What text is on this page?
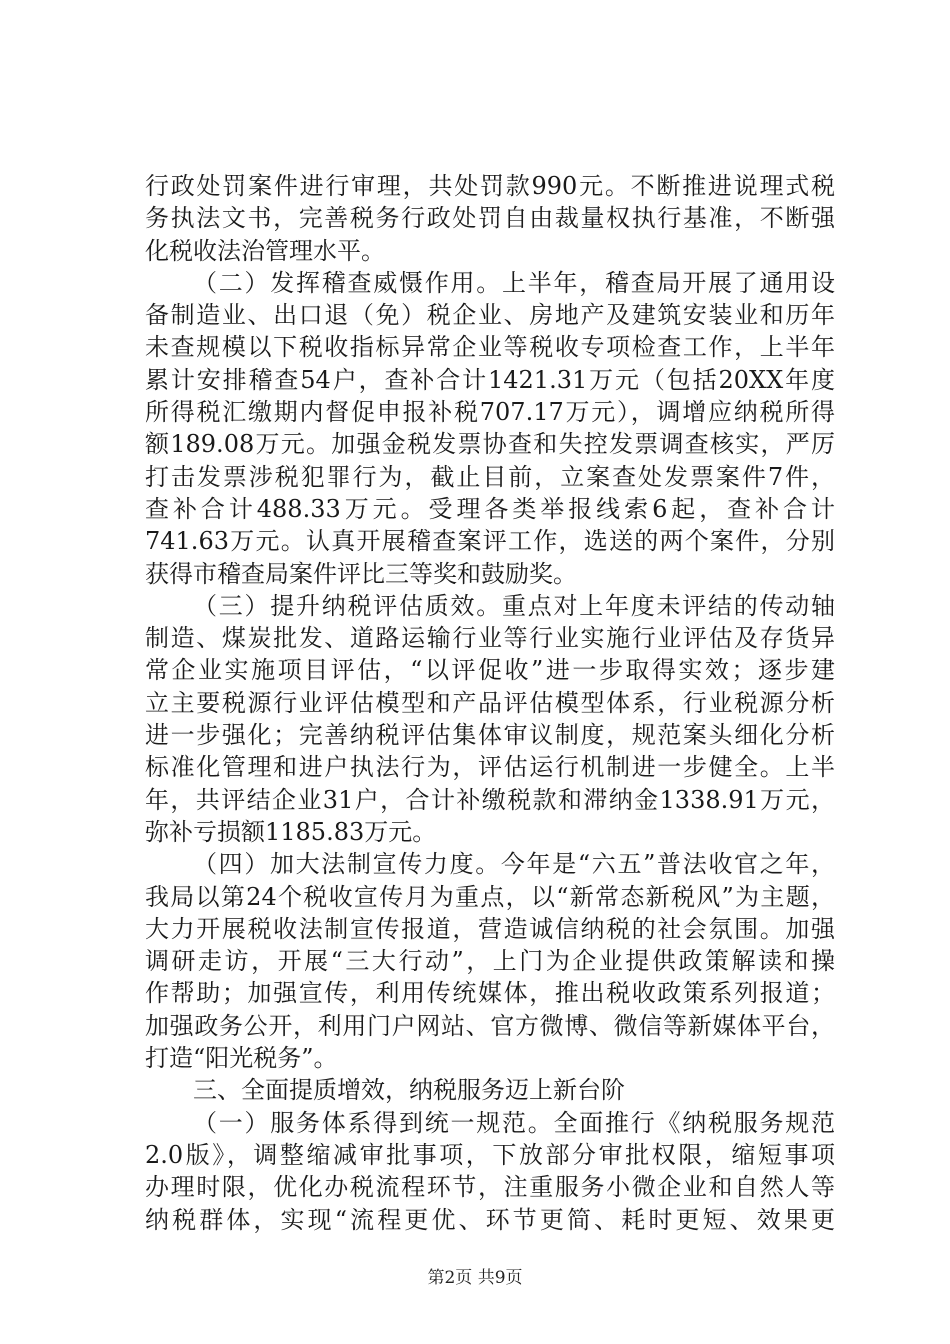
行政处罚案件进行审理，共处罚款990元。不断推进说理式税
务执法文书，完善税务行政处罚自由裁量权执行基准，不断强
化税收法治管理水平。
（二）发挥稽查威慑作用。上半年，稽查局开展了通用设
备制造业、出口退（免）税企业、房地产及建筑安装业和历年
未查规模以下税收指标异常企业等税收专项检查工作，上半年
累计安排稽查54户，查补合计1421.31万元（包括20XX年度
所得税汇缴期内督促申报补税707.17万元），调增应纳税所得
额189.08万元。加强金税发票协查和失控发票调查核实，严厉
打击发票涉税犯罪行为，截止目前，立案查处发票案件7件，
查补合计488.33万元。受理各类举报线索6起，查补合计
741.63万元。认真开展稽查案评工作，选送的两个案件，分别
获得市稽查局案件评比三等奖和鼓励奖。
（三）提升纳税评估质效。重点对上年度未评结的传动轴
制造、煤炭批发、道路运输行业等行业实施行业评估及存货异
常企业实施项目评估，“以评促收”进一步取得实效；逐步建
立主要税源行业评估模型和产品评估模型体系，行业税源分析
进一步强化；完善纳税评估集体审议制度，规范案头细化分析
标准化管理和进户执法行为，评估运行机制进一步健全。上半
年，共评结企业31户，合计补缴税款和滞纳金1338.91万元，
弥补亏损额1185.83万元。
（四）加大法制宣传力度。今年是“六五”普法收官之年，
我局以第24个税收宣传月为重点，以“新常态新税风”为主题，
大力开展税收法制宣传报道，营造诚信纳税的社会氛围。加强
调研走访，开展“三大行动”，上门为企业提供政策解读和操
作帮助；加强宣传，利用传统媒体，推出税收政策系列报道；
加强政务公开，利用门户网站、官方微博、微信等新媒体平台，
打造“阳光税务”。
三、全面提质增效，纳税服务迈上新台阶
（一）服务体系得到统一规范。全面推行《纳税服务规范
2.0版》，调整缩减审批事项，下放部分审批权限，缩短事项
办理时限，优化办税流程环节，注重服务小微企业和自然人等
纳税群体，实现“流程更优、环节更简、耗时更短、效果更
第2页 共9页
